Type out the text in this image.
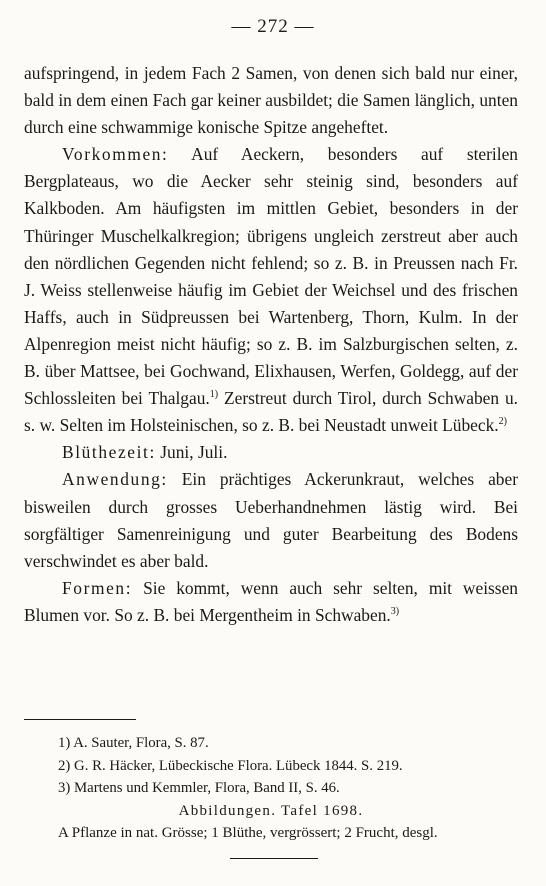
— 272 —

aufspringend, in jedem Fach 2 Samen, von denen sich bald nur einer, bald in dem einen Fach gar keiner ausbildet; die Samen länglich, unten durch eine schwammige konische Spitze angeheftet.

Vorkommen: Auf Aeckern, besonders auf sterilen Bergplateaus, wo die Aecker sehr steinig sind, besonders auf Kalkboden. Am häufigsten im mittlen Gebiet, besonders in der Thüringer Muschelkalkregion; übrigens ungleich zerstreut aber auch den nördlichen Gegenden nicht fehlend; so z. B. in Preussen nach Fr. J. Weiss stellenweise häufig im Gebiet der Weichsel und des frischen Haffs, auch in Südpreussen bei Wartenberg, Thorn, Kulm. In der Alpenregion meist nicht häufig; so z. B. im Salzburgischen selten, z. B. über Mattsee, bei Gochwand, Elixhausen, Werfen, Goldegg, auf der Schlossleiten bei Thalgau.$^{1)}$ Zerstreut durch Tirol, durch Schwaben u. s. w. Selten im Holsteinischen, so z. B. bei Neustadt unweit Lübeck.$^{2)}$

Blüthezeit: Juni, Juli.

Anwendung: Ein prächtiges Ackerunkraut, welches aber bisweilen durch grosses Ueberhandnehmen lästig wird. Bei sorgfältiger Samenreinigung und guter Bearbeitung des Bodens verschwindet es aber bald.

Formen: Sie kommt, wenn auch sehr selten, mit weissen Blumen vor. So z. B. bei Mergentheim in Schwaben.$^{3)}$

1) A. Sauter, Flora, S. 87.
2) G. R. Häcker, Lübeckische Flora. Lübeck 1844. S. 219.
3) Martens und Kemmler, Flora, Band II, S. 46.
Abbildungen. Tafel 1698.
A Pflanze in nat. Grösse; 1 Blüthe, vergrössert; 2 Frucht, desgl.
